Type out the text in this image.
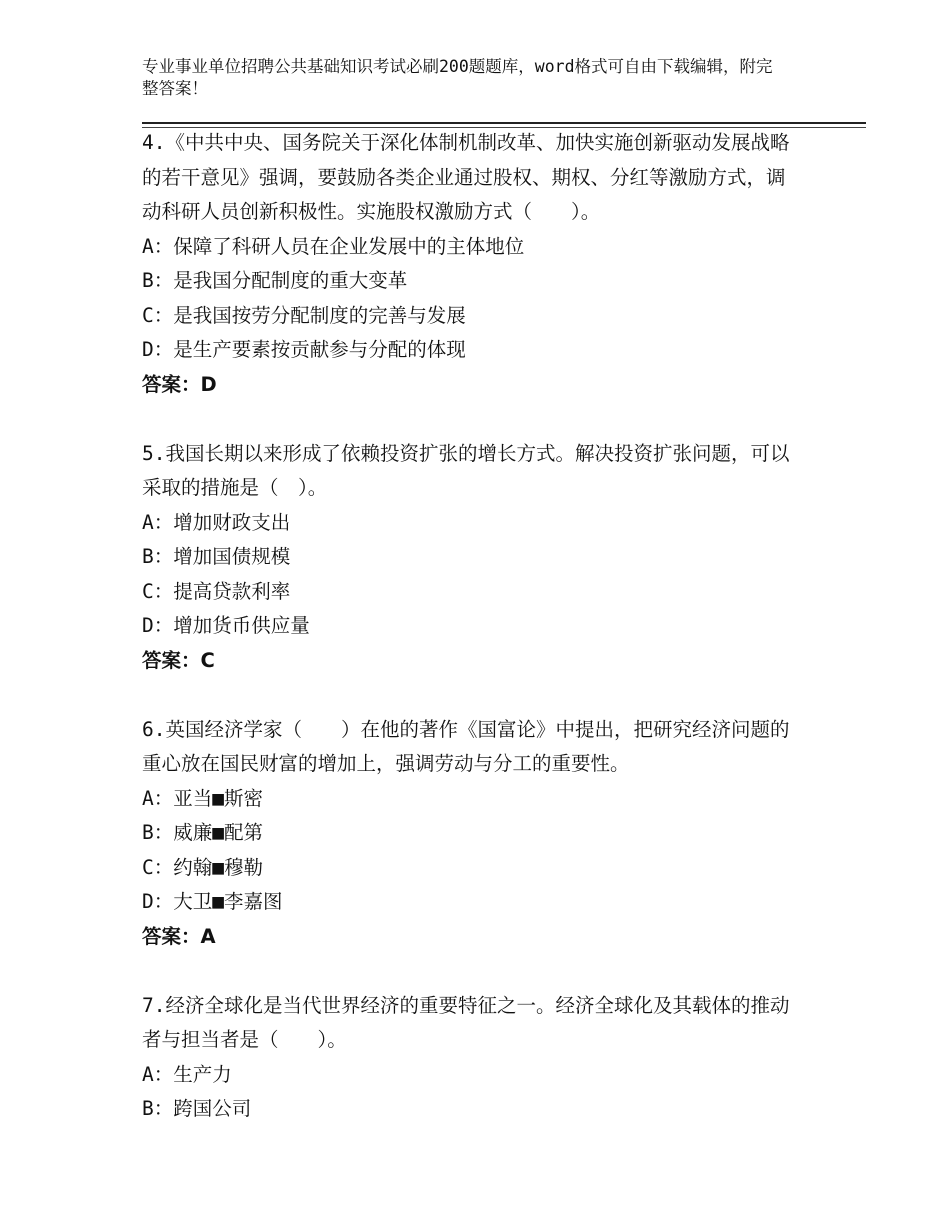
专业事业单位招聘公共基础知识考试必刷200题题库，word格式可自由下载编辑，附完整答案！

4.《中共中央、国务院关于深化体制机制改革、加快实施创新驱动发展战略的若干意见》强调，要鼓励各类企业通过股权、期权、分红等激励方式，调动科研人员创新积极性。实施股权激励方式（　　）。

A：保障了科研人员在企业发展中的主体地位

B：是我国分配制度的重大变革

C：是我国按劳分配制度的完善与发展

D：是生产要素按贡献参与分配的体现

答案：D

5.我国长期以来形成了依赖投资扩张的增长方式。解决投资扩张问题，可以采取的措施是（　）。

A：增加财政支出

B：增加国债规模

C：提高贷款利率

D：增加货币供应量

答案：C

6.英国经济学家（　　）在他的著作《国富论》中提出，把研究经济问题的重心放在国民财富的增加上，强调劳动与分工的重要性。

A：亚当■斯密

B：威廉■配第

C：约翰■穆勒

D：大卫■李嘉图

答案：A

7.经济全球化是当代世界经济的重要特征之一。经济全球化及其载体的推动者与担当者是（　　）。

A：生产力

B：跨国公司
